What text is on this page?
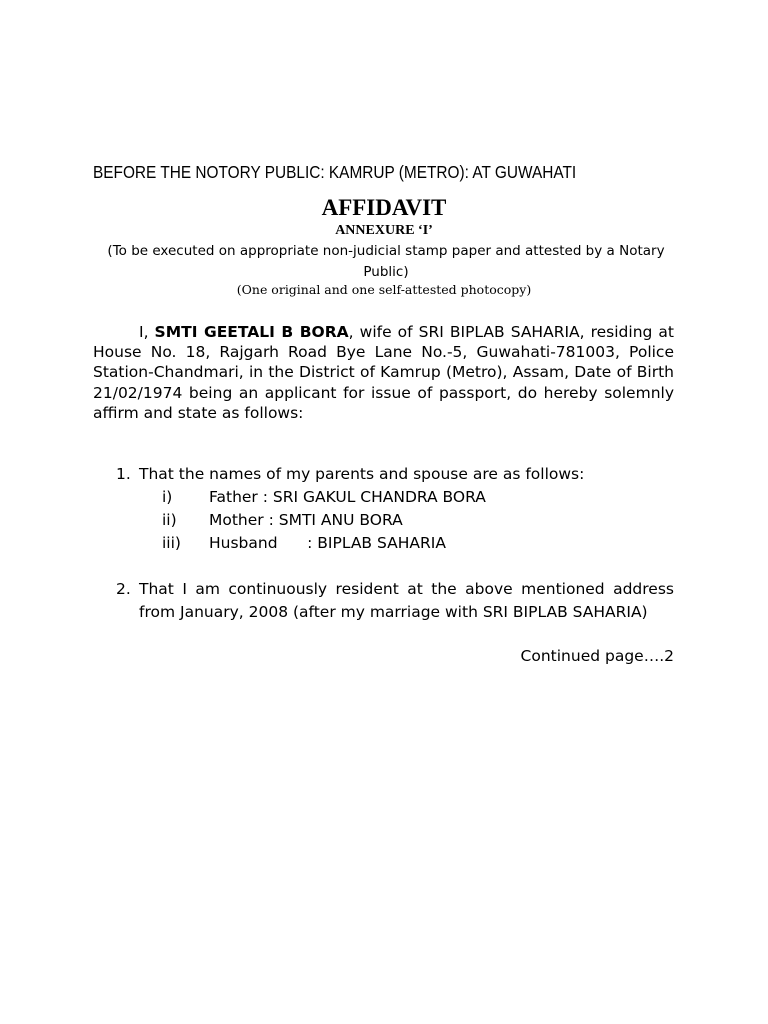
BEFORE THE NOTORY PUBLIC: KAMRUP (METRO): AT GUWAHATI
AFFIDAVIT
ANNEXURE ‘I’
(To be executed on appropriate non-judicial stamp paper and attested by a Notary Public)
(One original and one self-attested photocopy)

I, SMTI GEETALI B BORA, wife of SRI BIPLAB SAHARIA, residing at House No. 18, Rajgarh Road Bye Lane No.-5, Guwahati-781003, Police Station-Chandmari, in the District of Kamrup (Metro), Assam, Date of Birth 21/02/1974 being an applicant for issue of passport, do hereby solemnly affirm and state as follows:

1. That the names of my parents and spouse are as follows:
i) Father : SRI GAKUL CHANDRA BORA
ii) Mother : SMTI ANU BORA
iii) Husband      : BIPLAB SAHARIA
2. That I am continuously resident at the above mentioned address from January, 2008 (after my marriage with SRI BIPLAB SAHARIA)
Continued page….2
